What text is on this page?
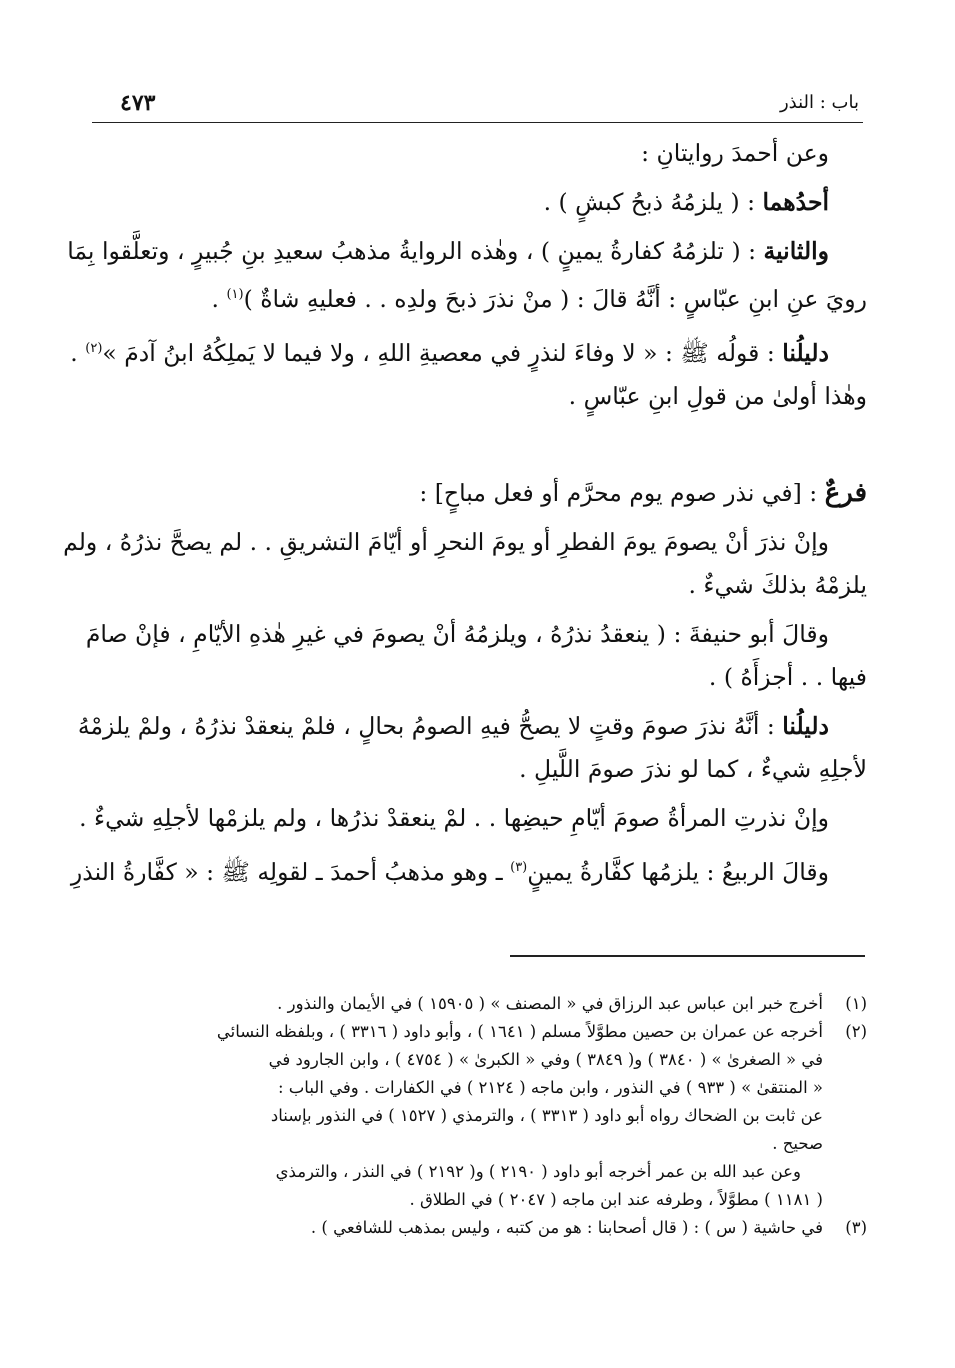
باب : النذر
٤٧٣
وعن أحمدَ روايتانِ :
أحدُهما : ( يلزمُهُ ذبحُ كبشٍ ) .
والثانية : ( تلزمُهُ كفارةُ يمينٍ ) ، وهٰذه الروايةُ مذهبُ سعيدِ بنِ جُبيرٍ ، وتعلَّقوا بِمَا
رويَ عنِ ابنِ عبّاسٍ : أنَّهُ قالَ : ( منْ نذرَ ذبحَ ولدِه . . فعليهِ شاةٌ )$^{(١)}$ .
دليلُنا : قولُه ﷺ : « لا وفاءَ لنذرٍ في معصيةِ اللهِ ، ولا فيما لا يَملِكُهُ ابنُ آدمَ »$^{(٢)}$ .
وهٰذا أولىٰ من قولِ ابنِ عبّاسٍ .
فرعٌ : [في نذر صوم يوم محرَّم أو فعل مباحٍ] :
وإنْ نذرَ أنْ يصومَ يومَ الفطرِ أو يومَ النحرِ أو أيّامَ التشريقِ . . لم يصحَّ نذرُهُ ، ولم
يلزمْهُ بذلكَ شيءٌ .
وقالَ أبو حنيفةَ : ( ينعقدُ نذرُهُ ، ويلزمُهُ أنْ يصومَ في غيرِ هٰذهِ الأيّامِ ، فإنْ صامَ
فيها . . أجزأَهُ ) .
دليلُنا : أنَّهُ نذرَ صومَ وقتٍ لا يصحُّ فيهِ الصومُ بحالٍ ، فلمْ ينعقدْ نذرُهُ ، ولمْ يلزمْهُ
لأجلِهِ شيءٌ ، كما لو نذرَ صومَ اللَّيلِ .
وإنْ نذرتِ المرأةُ صومَ أيّامِ حيضِها . . لمْ ينعقدْ نذرُها ، ولم يلزمْها لأجلِهِ شيءٌ .
وقالَ الربيعُ : يلزمُها كفَّارةُ يمينٍ$^{(٣)}$ ـ وهو مذهبُ أحمدَ ـ لقولِه ﷺ : « كفَّارةُ النذرِ
(١)
أخرج خبر ابن عباس عبد الرزاق في « المصنف » ( ١٥٩٠٥ ) في الأيمان والنذور .
(٢)
أخرجه عن عمران بن حصين مطوَّلاً مسلم ( ١٦٤١ ) ، وأبو داود ( ٣٣١٦ ) ، وبلفظه النسائي
في « الصغرىٰ » ( ٣٨٤٠ ) و( ٣٨٤٩ ) وفي « الكبرىٰ » ( ٤٧٥٤ ) ، وابن الجارود في
« المنتقىٰ » ( ٩٣٣ ) في النذور ، وابن ماجه ( ٢١٢٤ ) في الكفارات . وفي الباب :
عن ثابت بن الضحاك رواه أبو داود ( ٣٣١٣ ) ، والترمذي ( ١٥٢٧ ) في النذور بإسناد
صحيح .
وعن عبد الله بن عمر أخرجه أبو داود ( ٢١٩٠ ) و( ٢١٩٢ ) في النذر ، والترمذي
( ١١٨١ ) مطوَّلاً ، وطرفه عند ابن ماجه ( ٢٠٤٧ ) في الطلاق .
(٣)
في حاشية ( س ) : ( قال أصحابنا : هو من كتبه ، وليس بمذهب للشافعي ) .
